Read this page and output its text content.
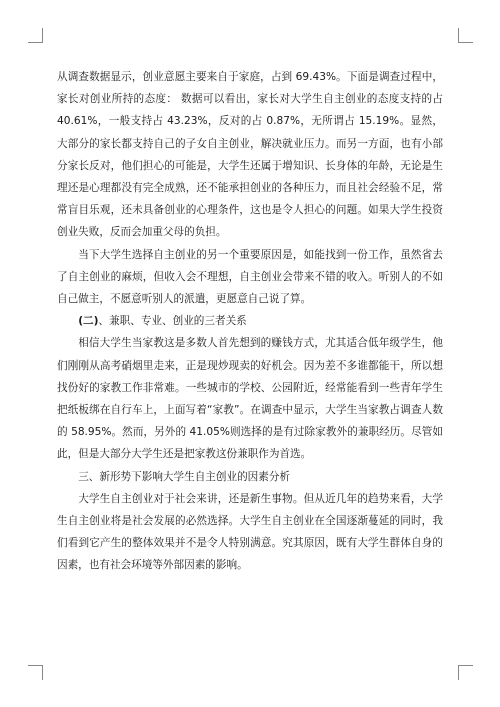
从调查数据显示，创业意愿主要来自于家庭，占到 69.43%。下面是调查过程中，家长对创业所持的态度： 数据可以看出，家长对大学生自主创业的态度支持的占 40.61%，一般支持占 43.23%，反对的占 0.87%，无所谓占 15.19%。显然，大部分的家长都支持自己的子女自主创业，解决就业压力。而另一方面，也有小部分家长反对，他们担心的可能是，大学生还属于增知识、长身体的年龄，无论是生理还是心理都没有完全成熟，还不能承担创业的各种压力，而且社会经验不足，常常盲目乐观，还未具备创业的心理条件，这也是令人担心的问题。如果大学生投资创业失败，反而会加重父母的负担。

当下大学生选择自主创业的另一个重要原因是，如能找到一份工作，虽然省去了自主创业的麻烦，但收入会不理想，自主创业会带来不错的收入。听别人的不如自己做主，不愿意听别人的派遣，更愿意自己说了算。

(二)、兼职、专业、创业的三者关系

相信大学生当家教这是多数人首先想到的赚钱方式，尤其适合低年级学生，他们刚刚从高考硝烟里走来，正是现炒现卖的好机会。因为差不多谁都能干，所以想找份好的家教工作非常难。一些城市的学校、公园附近，经常能看到一些青年学生把纸板绑在自行车上，上面写着“家教”。在调查中显示，大学生当家教占调查人数的 58.95%。然而，另外的 41.05%则选择的是有过除家教外的兼职经历。尽管如此，但是大部分大学生还是把家教这份兼职作为首选。

三、新形势下影响大学生自主创业的因素分析

大学生自主创业对于社会来讲，还是新生事物。但从近几年的趋势来看，大学生自主创业将是社会发展的必然选择。大学生自主创业在全国逐渐蔓延的同时，我们看到它产生的整体效果并不是令人特别满意。究其原因，既有大学生群体自身的因素，也有社会环境等外部因素的影响。
